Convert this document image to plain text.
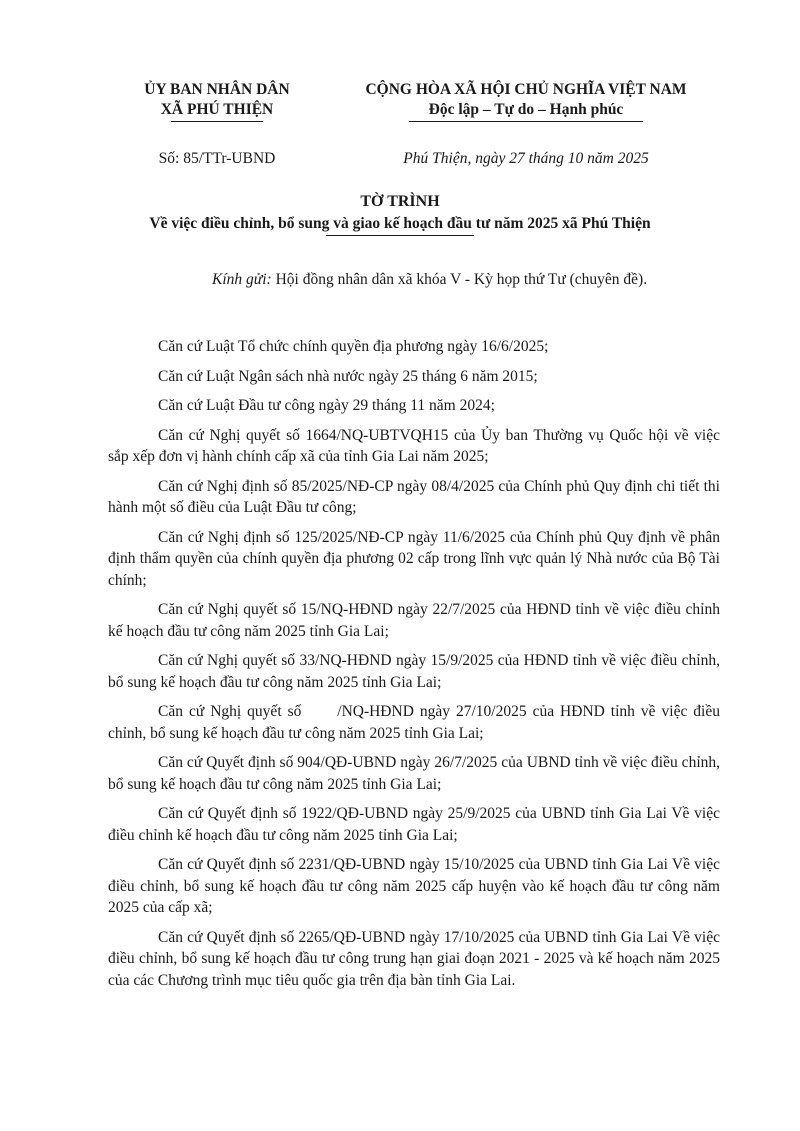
ỦY BAN NHÂN DÂN
XÃ PHÚ THIỆN
CỘNG HÒA XÃ HỘI CHỦ NGHĨA VIỆT NAM
Độc lập – Tự do – Hạnh phúc
Số: 85/TTr-UBND	Phú Thiện, ngày 27 tháng 10 năm 2025
TỜ TRÌNH
Về việc điều chỉnh, bổ sung và giao kế hoạch đầu tư năm 2025 xã Phú Thiện
Kính gửi: Hội đồng nhân dân xã khóa V - Kỳ họp thứ Tư (chuyên đề).

Căn cứ Luật Tổ chức chính quyền địa phương ngày 16/6/2025;

Căn cứ Luật Ngân sách nhà nước ngày 25 tháng 6 năm 2015;

Căn cứ Luật Đầu tư công ngày 29 tháng 11 năm 2024;

Căn cứ Nghị quyết số 1664/NQ-UBTVQH15 của Ủy ban Thường vụ Quốc hội về việc sắp xếp đơn vị hành chính cấp xã của tỉnh Gia Lai năm 2025;

Căn cứ Nghị định số 85/2025/NĐ-CP ngày 08/4/2025 của Chính phủ Quy định chi tiết thi hành một số điều của Luật Đầu tư công;

Căn cứ Nghị định số 125/2025/NĐ-CP ngày 11/6/2025 của Chính phủ Quy định về phân định thẩm quyền của chính quyền địa phương 02 cấp trong lĩnh vực quản lý Nhà nước của Bộ Tài chính;

Căn cứ Nghị quyết số 15/NQ-HĐND ngày 22/7/2025 của HĐND tỉnh về việc điều chỉnh kế hoạch đầu tư công năm 2025 tỉnh Gia Lai;

Căn cứ Nghị quyết số 33/NQ-HĐND ngày 15/9/2025 của HĐND tỉnh về việc điều chỉnh, bổ sung kế hoạch đầu tư công năm 2025 tỉnh Gia Lai;

Căn cứ Nghị quyết số      /NQ-HĐND ngày 27/10/2025 của HĐND tỉnh về việc điều chỉnh, bổ sung kế hoạch đầu tư công năm 2025 tỉnh Gia Lai;

Căn cứ Quyết định số 904/QĐ-UBND ngày 26/7/2025 của UBND tỉnh về việc điều chỉnh, bổ sung kế hoạch đầu tư công năm 2025 tỉnh Gia Lai;

Căn cứ Quyết định số 1922/QĐ-UBND ngày 25/9/2025 của UBND tỉnh Gia Lai Về việc điều chỉnh kế hoạch đầu tư công năm 2025 tỉnh Gia Lai;

Căn cứ Quyết định số 2231/QĐ-UBND ngày 15/10/2025 của UBND tỉnh Gia Lai Về việc điều chỉnh, bổ sung kế hoạch đầu tư công năm 2025 cấp huyện vào kế hoạch đầu tư công năm 2025 của cấp xã;

Căn cứ Quyết định số 2265/QĐ-UBND ngày 17/10/2025 của UBND tỉnh Gia Lai Về việc điều chỉnh, bổ sung kế hoạch đầu tư công trung hạn giai đoạn 2021 - 2025 và kế hoạch năm 2025 của các Chương trình mục tiêu quốc gia trên địa bàn tỉnh Gia Lai.
